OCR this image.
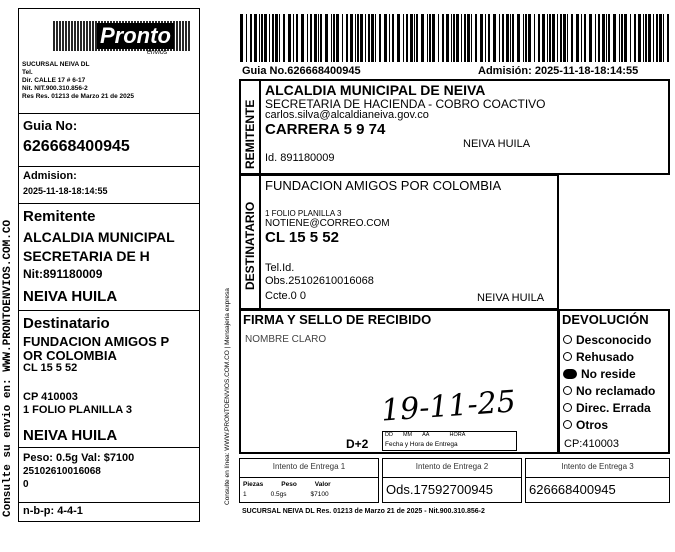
Consulte su envio en: WWW.PRONTOENVIOS.COM.CO
Pronto
envios
SUCURSAL NEIVA DL
Tel.
Dir. CALLE 17 # 6-17
Nit. NIT.900.310.856-2
Res Res. 01213 de Marzo 21 de 2025
Guia No:
626668400945
Admision:
2025-11-18-18:14:55
Remitente
ALCALDIA MUNICIPAL
SECRETARIA DE H
Nit:891180009
NEIVA HUILA
Destinatario
FUNDACION AMIGOS P
OR COLOMBIA
CL 15 5 52
CP 410003
1 FOLIO PLANILLA 3
NEIVA HUILA
Peso: 0.5g Val: $7100
25102610016068
0
n-b-p: 4-4-1
Guia No.626668400945	Admisión: 2025-11-18-18:14:55
REMITENTE
ALCALDIA MUNICIPAL DE NEIVA
SECRETARIA DE HACIENDA - COBRO COACTIVO
carlos.silva@alcaldianeiva.gov.co
CARRERA 5 9 74
NEIVA HUILA
Id. 891180009
Consulte en línea: WWW.PRONTOENVIOS.COM.CO | Mensajeria expresa
DESTINATARIO
FUNDACION AMIGOS POR COLOMBIA
1 FOLIO PLANILLA 3
NOTIENE@CORREO.COM
CL 15 5 52
Tel.Id.
Obs.25102610016068
Ccte.0 0	NEIVA HUILA
FIRMA Y SELLO DE RECIBIDO
NOMBRE CLARO
19-11-25
D+2
DD MM AA	HORA
Fecha y Hora de Entrega
DEVOLUCIÓN
Desconocido
Rehusado
No reside
No reclamado
Direc. Errada
Otros
CP:410003
Intento de Entrega 1
Piezas	Peso	Valor
1	0.5gs	$7100
Intento de Entrega 2
Ods.17592700945
Intento de Entrega 3
626668400945
SUCURSAL NEIVA DL Res. 01213 de Marzo 21 de 2025 - Nit.900.310.856-2
